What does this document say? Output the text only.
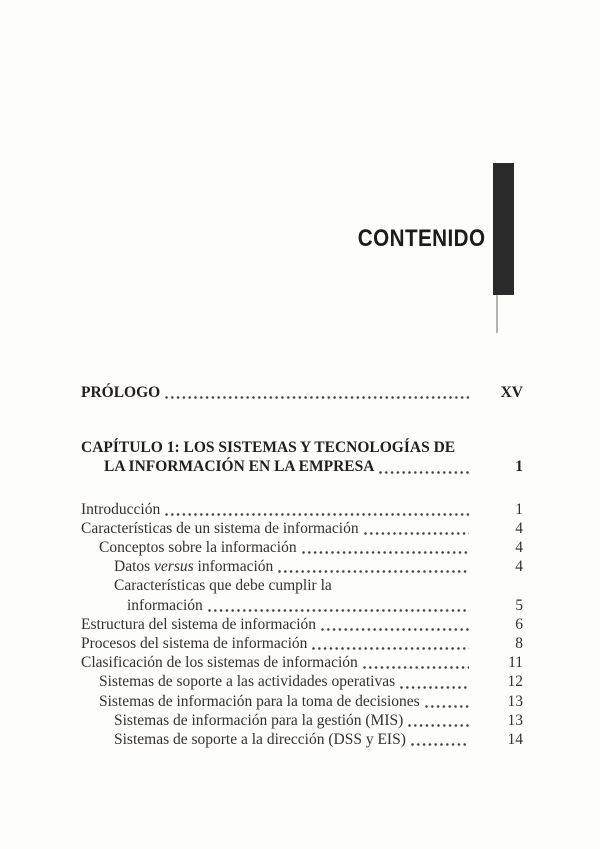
CONTENIDO
PRÓLOGO	XV
CAPÍTULO 1: LOS SISTEMAS Y TECNOLOGÍAS DE
LA INFORMACIÓN EN LA EMPRESA	1
Introducción	1
Características de un sistema de información	4
Conceptos sobre la información	4
Datos versus información	4
Características que debe cumplir la
información	5
Estructura del sistema de información	6
Procesos del sistema de información	8
Clasificación de los sistemas de información	11
Sistemas de soporte a las actividades operativas	12
Sistemas de información para la toma de decisiones	13
Sistemas de información para la gestión (MIS)	13
Sistemas de soporte a la dirección (DSS y EIS)	14
